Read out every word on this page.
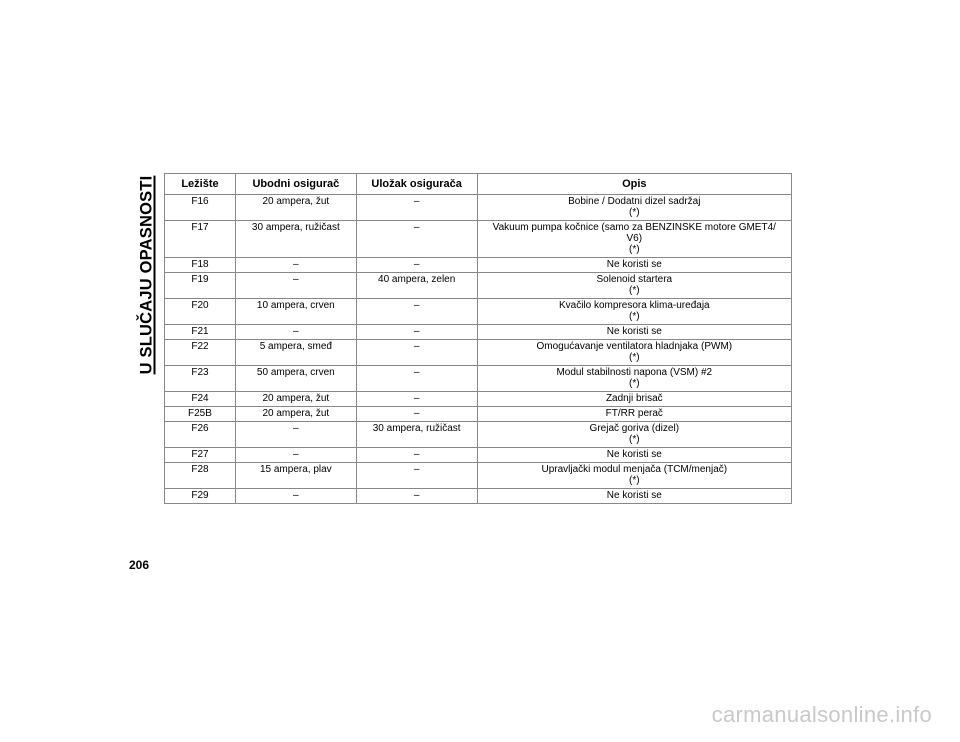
U SLUČAJU OPASNOSTI Ležište	Ubodni osigurač	Uložak osigurača	Opis
F16	20 ampera, žut	–	Bobine / Dodatni dizel sadržaj
(*)

F17	30 ampera, ružičast	–	Vakuum pumpa kočnice (samo za BENZINSKE motore GMET4/
V6)
(*)

F18	–	–	Ne koristi se

F19	–	40 ampera, zelen	Solenoid startera
(*)

F20	10 ampera, crven	–	Kvačilo kompresora klima-uređaja
(*)

F21	–	–	Ne koristi se

F22	5 ampera, smeđ	–	Omogućavanje ventilatora hladnjaka (PWM)
(*)

F23	50 ampera, crven	–	Modul stabilnosti napona (VSM) #2
(*)

F24	20 ampera, žut	–	Zadnji brisač

F25B	20 ampera, žut	–	FT/RR perač

F26	–	30 ampera, ružičast	Grejač goriva (dizel)
(*)

F27	–	–	Ne koristi se

F28	15 ampera, plav	–	Upravljački modul menjača (TCM/menjač)
(*)

F29	–	–	Ne koristi se
206
carmanualsonline.info
